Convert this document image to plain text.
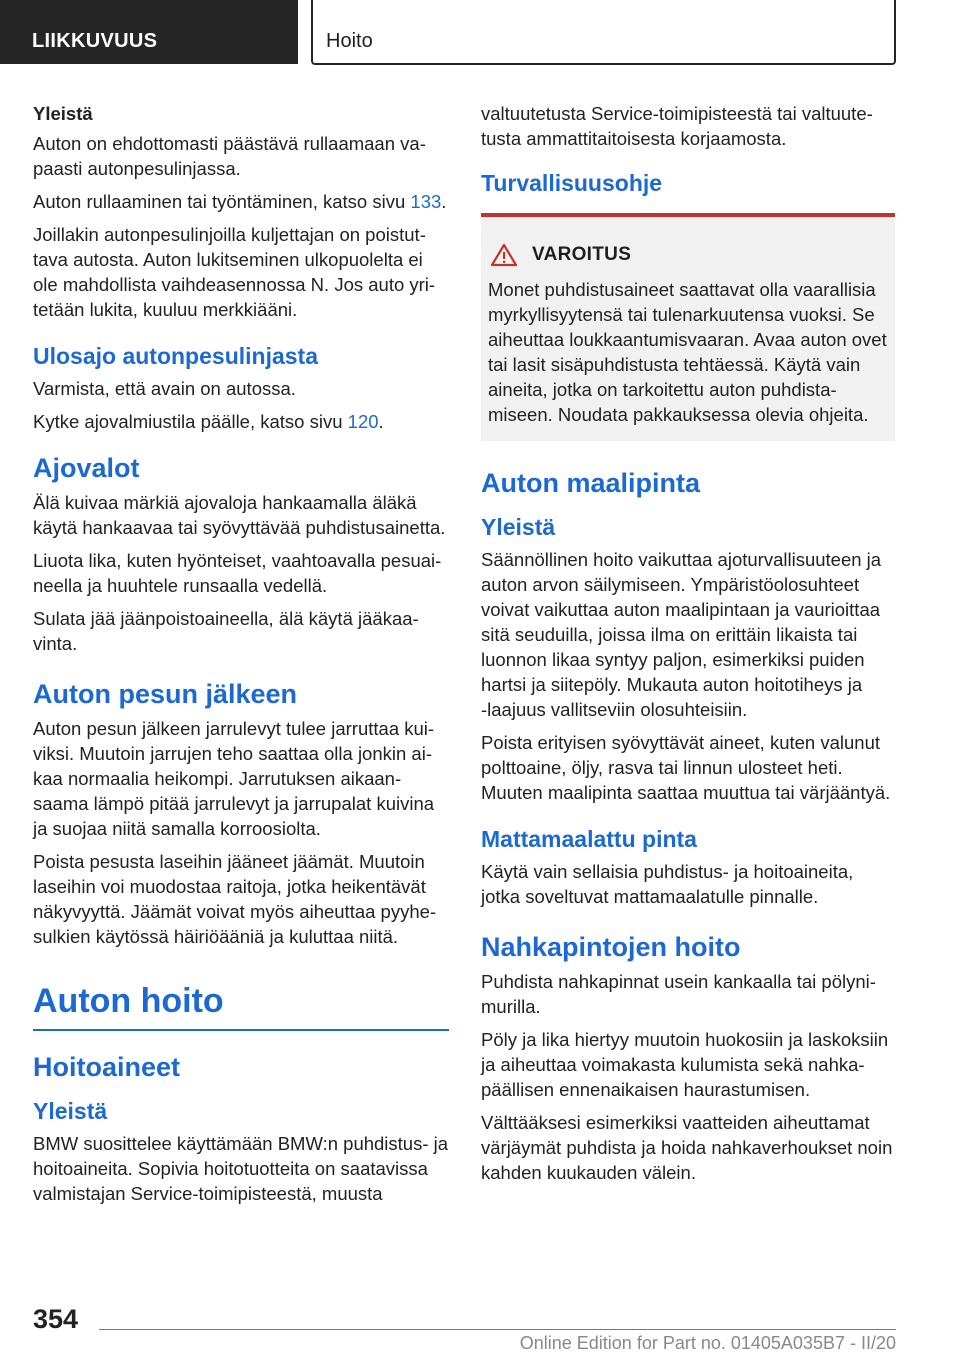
LIIKKUVUUS	Hoito
Yleistä

Auton on ehdottomasti päästävä rullaamaan vapaasti autonpesulinjassa.

Auton rullaaminen tai työntäminen, katso sivu 133.

Joillakin autonpesulinjoilla kuljettajan on poistuttava autosta. Auton lukitseminen ulkopuolelta ei ole mahdollista vaihdeasennossa N. Jos auto yritetään lukita, kuuluu merkkiääni.

Ulosajo autonpesulinjasta

Varmista, että avain on autossa.

Kytke ajovalmiustila päälle, katso sivu 120.

Ajovalot

Älä kuivaa märkiä ajovaloja hankaamalla äläkä käytä hankaavaa tai syövyttävää puhdistusainetta.

Liuota lika, kuten hyönteiset, vaahtoavalla pesuaineella ja huuhtele runsaalla vedellä.

Sulata jää jäänpoistoaineella, älä käytä jääkaavinta.

Auton pesun jälkeen

Auton pesun jälkeen jarrulevyt tulee jarruttaa kuiviksi. Muutoin jarrujen teho saattaa olla jonkin aikaa normaalia heikompi. Jarrutuksen aikaansaama lämpö pitää jarrulevyt ja jarrupalat kuivina ja suojaa niitä samalla korroosiolta.

Poista pesusta laseihin jääneet jäämät. Muutoin laseihin voi muodostaa raitoja, jotka heikentävät näkyvyyttä. Jäämät voivat myös aiheuttaa pyyhesulkien käytössä häiriöääniä ja kuluttaa niitä.

Auton hoito
Hoitoaineet
Yleistä

BMW suosittelee käyttämään BMW:n puhdistus- ja hoitoaineita. Sopivia hoitotuotteita on saatavissa valmistajan Service-toimipisteestä, muusta

valtuutetusta Service-toimipisteestä tai valtuutetusta ammattitaitoisesta korjaamosta.

Turvallisuusohje
VAROITUS
Monet puhdistusaineet saattavat olla vaarallisia myrkyllisyytensä tai tulenarkuutensa vuoksi. Se aiheuttaa loukkaantumisvaaran. Avaa auton ovet tai lasit sisäpuhdistusta tehtäessä. Käytä vain aineita, jotka on tarkoitettu auton puhdistamiseen. Noudata pakkauksessa olevia ohjeita.
Auton maalipinta
Yleistä

Säännöllinen hoito vaikuttaa ajoturvallisuuteen ja auton arvon säilymiseen. Ympäristöolosuhteet voivat vaikuttaa auton maalipintaan ja vaurioittaa sitä seuduilla, joissa ilma on erittäin likaista tai luonnon likaa syntyy paljon, esimerkiksi puiden hartsi ja siitepöly. Mukauta auton hoitotiheys ja ‑laajuus vallitseviin olosuhteisiin.

Poista erityisen syövyttävät aineet, kuten valunut polttoaine, öljy, rasva tai linnun ulosteet heti. Muuten maalipinta saattaa muuttua tai värjääntyä.

Mattamaalattu pinta

Käytä vain sellaisia puhdistus- ja hoitoaineita, jotka soveltuvat mattamaalatulle pinnalle.

Nahkapintojen hoito

Puhdista nahkapinnat usein kankaalla tai pölynimurilla.

Pöly ja lika hiertyy muutoin huokosiin ja laskoksiin ja aiheuttaa voimakasta kulumista sekä nahkapäällisen ennenaikaisen haurastumisen.

Välttääksesi esimerkiksi vaatteiden aiheuttamat värjäymät puhdista ja hoida nahkaverhoukset noin kahden kuukauden välein.

354
Online Edition for Part no. 01405A035B7 - II/20
